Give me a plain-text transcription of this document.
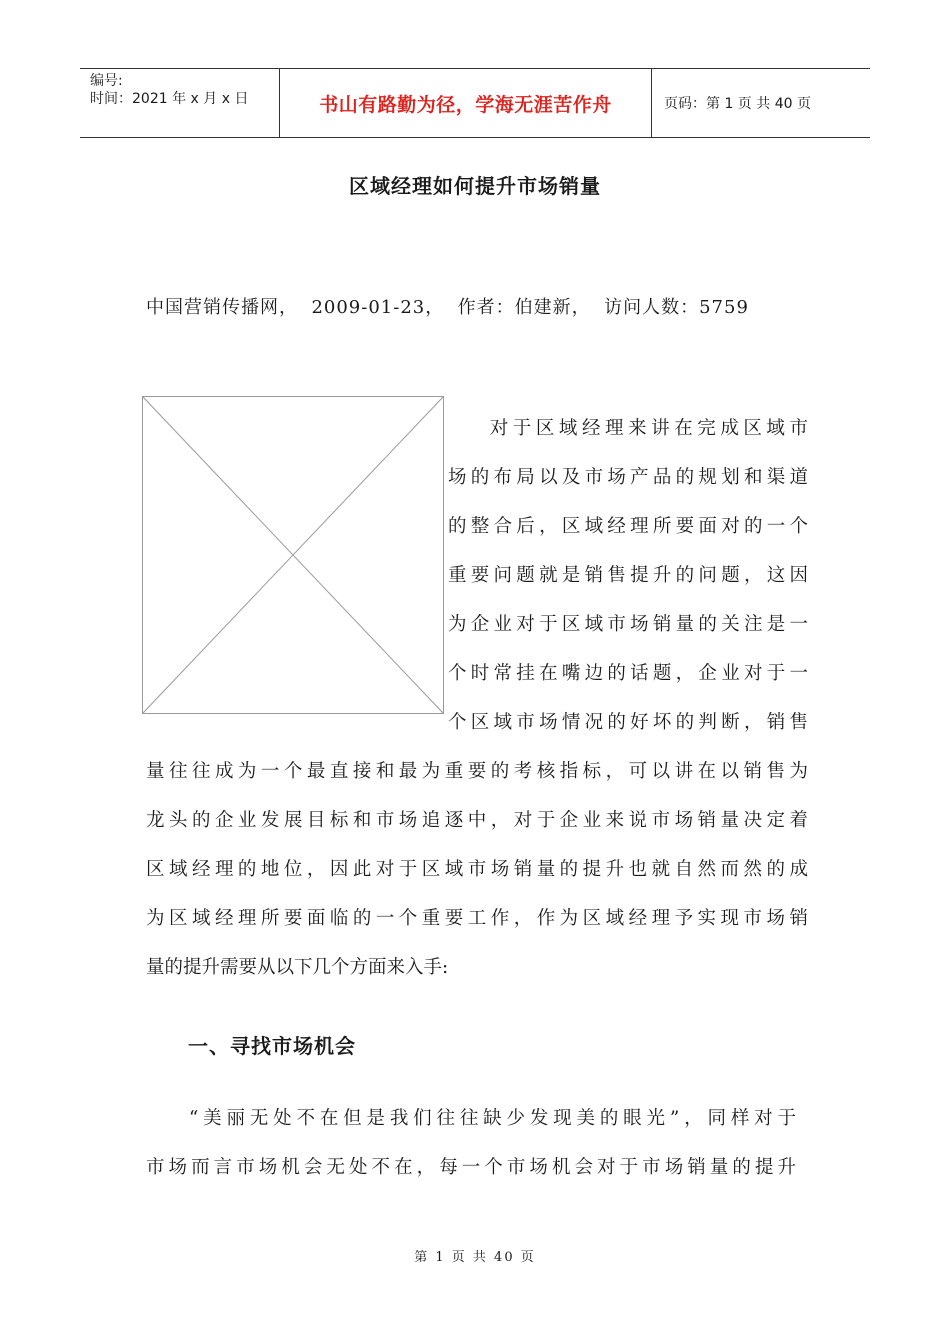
编号:
时间：2021 年 x 月 x 日	书山有路勤为径，学海无涯苦作舟	页码：第 1 页 共 40 页
区域经理如何提升市场销量
中国营销传播网，  2009-01-23，  作者：伯建新，  访问人数：5759
对于区域经理来讲在完成区域市
场的布局以及市场产品的规划和渠道
的整合后，区域经理所要面对的一个
重要问题就是销售提升的问题，这因
为企业对于区域市场销量的关注是一
个时常挂在嘴边的话题，企业对于一
个区域市场情况的好坏的判断，销售
量往往成为一个最直接和最为重要的考核指标，可以讲在以销售为
龙头的企业发展目标和市场追逐中，对于企业来说市场销量决定着
区域经理的地位，因此对于区域市场销量的提升也就自然而然的成
为区域经理所要面临的一个重要工作，作为区域经理予实现市场销
量的提升需要从以下几个方面来入手:
一、寻找市场机会
“美丽无处不在但是我们往往缺少发现美的眼光”，同样对于
市场而言市场机会无处不在，每一个市场机会对于市场销量的提升
第 1 页 共 40 页
